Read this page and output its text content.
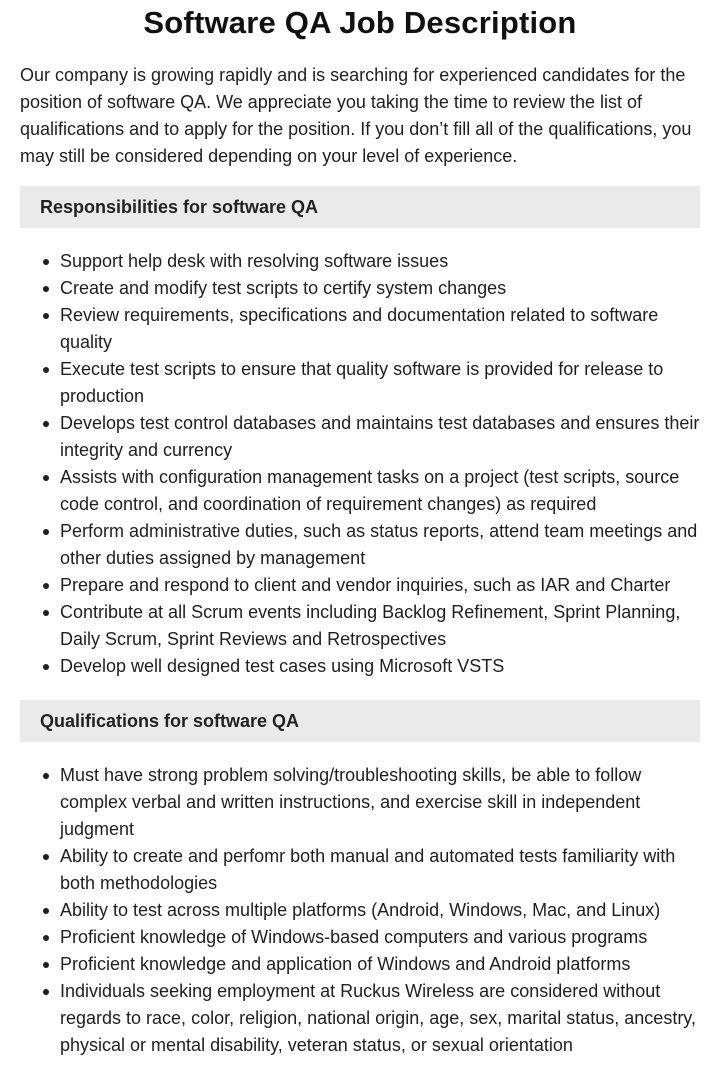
Software QA Job Description

Our company is growing rapidly and is searching for experienced candidates for the position of software QA. We appreciate you taking the time to review the list of qualifications and to apply for the position. If you don’t fill all of the qualifications, you may still be considered depending on your level of experience.

Responsibilities for software QA
Support help desk with resolving software issues
Create and modify test scripts to certify system changes
Review requirements, specifications and documentation related to software quality
Execute test scripts to ensure that quality software is provided for release to production
Develops test control databases and maintains test databases and ensures their integrity and currency
Assists with configuration management tasks on a project (test scripts, source code control, and coordination of requirement changes) as required
Perform administrative duties, such as status reports, attend team meetings and other duties assigned by management
Prepare and respond to client and vendor inquiries, such as IAR and Charter
Contribute at all Scrum events including Backlog Refinement, Sprint Planning, Daily Scrum, Sprint Reviews and Retrospectives
Develop well designed test cases using Microsoft VSTS
Qualifications for software QA
Must have strong problem solving/troubleshooting skills, be able to follow complex verbal and written instructions, and exercise skill in independent judgment
Ability to create and perfomr both manual and automated tests familiarity with both methodologies
Ability to test across multiple platforms (Android, Windows, Mac, and Linux)
Proficient knowledge of Windows-based computers and various programs
Proficient knowledge and application of Windows and Android platforms
Individuals seeking employment at Ruckus Wireless are considered without regards to race, color, religion, national origin, age, sex, marital status, ancestry, physical or mental disability, veteran status, or sexual orientation
